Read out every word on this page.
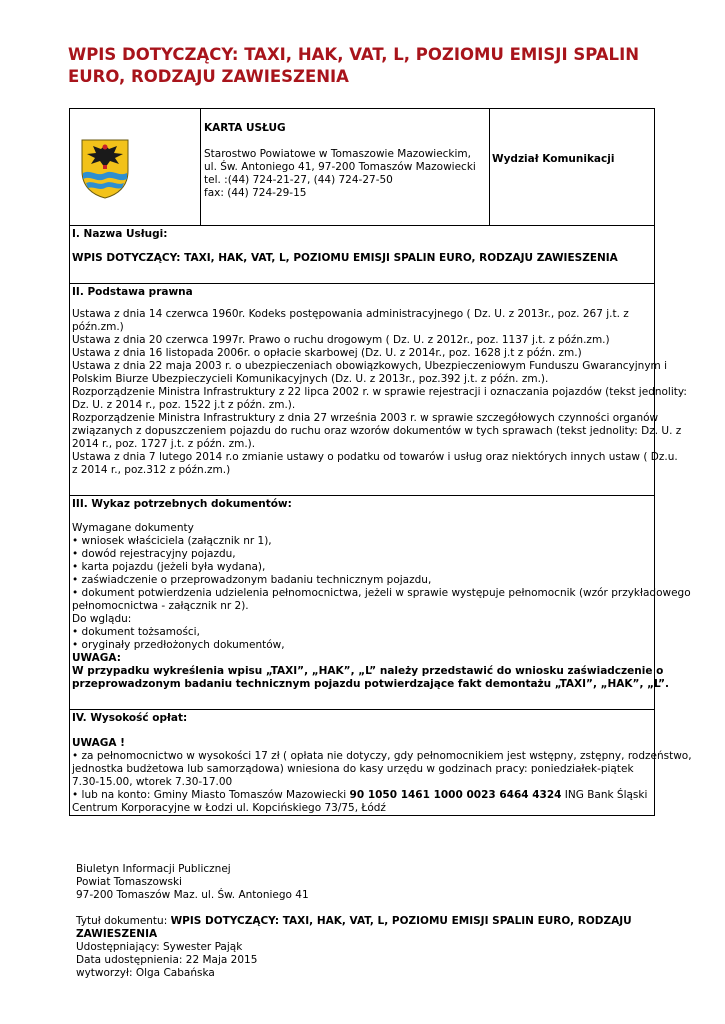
WPIS DOTYCZĄCY: TAXI, HAK, VAT, L, POZIOMU EMISJI SPALIN
EURO, RODZAJU ZAWIESZENIA
KARTA USŁUG
Starostwo Powiatowe w Tomaszowie Mazowieckim,
ul. Św. Antoniego 41, 97-200 Tomaszów Mazowiecki
tel. :(44) 724-21-27, (44) 724-27-50
fax: (44) 724-29-15
Wydział Komunikacji
I. Nazwa Usługi:
WPIS DOTYCZĄCY: TAXI, HAK, VAT, L, POZIOMU EMISJI SPALIN EURO, RODZAJU ZAWIESZENIA
II. Podstawa prawna
Ustawa z dnia 14 czerwca 1960r. Kodeks postępowania administracyjnego ( Dz. U. z 2013r., poz. 267 j.t. z
późn.zm.)
Ustawa z dnia 20 czerwca 1997r. Prawo o ruchu drogowym ( Dz. U. z 2012r., poz. 1137 j.t. z późn.zm.)
Ustawa z dnia 16 listopada 2006r. o opłacie skarbowej (Dz. U. z 2014r., poz. 1628 j.t z późn. zm.)
Ustawa z dnia 22 maja 2003 r. o ubezpieczeniach obowiązkowych, Ubezpieczeniowym Funduszu Gwarancyjnym i
Polskim Biurze Ubezpieczycieli Komunikacyjnych (Dz. U. z 2013r., poz.392 j.t. z późn. zm.).
Rozporządzenie Ministra Infrastruktury z 22 lipca 2002 r. w sprawie rejestracji i oznaczania pojazdów (tekst jednolity:
Dz. U. z 2014 r., poz. 1522 j.t z późn. zm.).
Rozporządzenie Ministra Infrastruktury z dnia 27 września 2003 r. w sprawie szczegółowych czynności organów
związanych z dopuszczeniem pojazdu do ruchu oraz wzorów dokumentów w tych sprawach (tekst jednolity: Dz. U. z
2014 r., poz. 1727 j.t. z późn. zm.).
Ustawa z dnia 7 lutego 2014 r.o zmianie ustawy o podatku od towarów i usług oraz niektórych innych ustaw ( Dz.u.
z 2014 r., poz.312 z późn.zm.)
III. Wykaz potrzebnych dokumentów:
Wymagane dokumenty
• wniosek właściciela (załącznik nr 1),
• dowód rejestracyjny pojazdu,
• karta pojazdu (jeżeli była wydana),
• zaświadczenie o przeprowadzonym badaniu technicznym pojazdu,
• dokument potwierdzenia udzielenia pełnomocnictwa, jeżeli w sprawie występuje pełnomocnik (wzór przykładowego
pełnomocnictwa - załącznik nr 2).
Do wglądu:
• dokument tożsamości,
• oryginały przedłożonych dokumentów,
UWAGA:
W przypadku wykreślenia wpisu „TAXI”, „HAK”, „L” należy przedstawić do wniosku zaświadczenie o
przeprowadzonym badaniu technicznym pojazdu potwierdzające fakt demontażu „TAXI”, „HAK”, „L”.
IV. Wysokość opłat:
UWAGA !
• za pełnomocnictwo w wysokości 17 zł ( opłata nie dotyczy, gdy pełnomocnikiem jest wstępny, zstępny, rodzeństwo,
jednostka budżetowa lub samorządowa) wniesiona do kasy urzędu w godzinach pracy: poniedziałek-piątek
7.30-15.00, wtorek 7.30-17.00
• lub na konto: Gminy Miasto Tomaszów Mazowiecki 90 1050 1461 1000 0023 6464 4324 ING Bank Śląski
Centrum Korporacyjne w Łodzi ul. Kopcińskiego 73/75, Łódź
Biuletyn Informacji Publicznej
Powiat Tomaszowski
97-200 Tomaszów Maz. ul. Św. Antoniego 41
Tytuł dokumentu: WPIS DOTYCZĄCY: TAXI, HAK, VAT, L, POZIOMU EMISJI SPALIN EURO, RODZAJU
ZAWIESZENIA
Udostępniający: Sywester Pająk
Data udostępnienia: 22 Maja 2015
wytworzył: Olga Cabańska
